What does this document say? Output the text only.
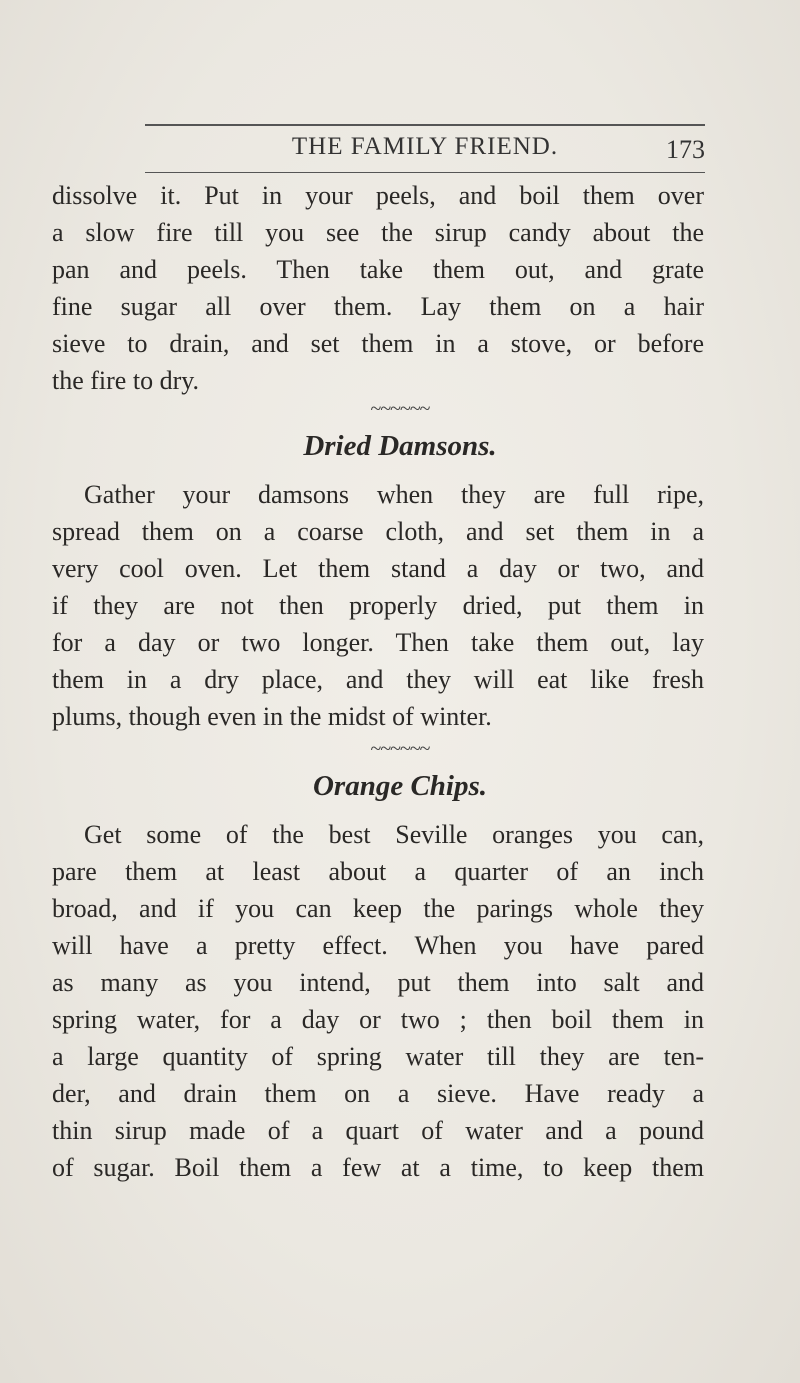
THE FAMILY FRIEND.	173
dissolve it. Put in your peels, and boil them over
a slow fire till you see the sirup candy about the
pan and peels. Then take them out, and grate
fine sugar all over them. Lay them on a hair
sieve to drain, and set them in a stove, or before
the fire to dry.
~~~~~~
Dried Damsons.
Gather your damsons when they are full ripe,
spread them on a coarse cloth, and set them in a
very cool oven. Let them stand a day or two, and
if they are not then properly dried, put them in
for a day or two longer. Then take them out, lay
them in a dry place, and they will eat like fresh
plums, though even in the midst of winter.
~~~~~~
Orange Chips.
Get some of the best Seville oranges you can,
pare them at least about a quarter of an inch
broad, and if you can keep the parings whole they
will have a pretty effect. When you have pared
as many as you intend, put them into salt and
spring water, for a day or two ; then boil them in
a large quantity of spring water till they are ten-
der, and drain them on a sieve. Have ready a
thin sirup made of a quart of water and a pound
of sugar. Boil them a few at a time, to keep them
